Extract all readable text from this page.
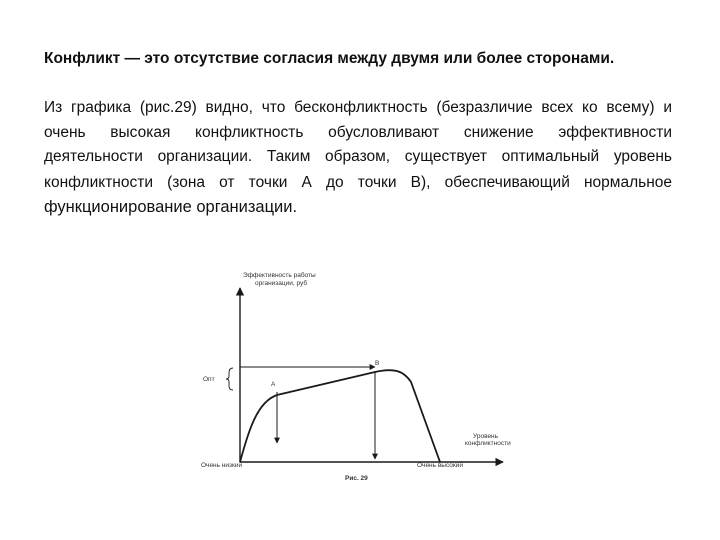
Конфликт — это отсутствие согласия между двумя или более сторонами.
Из графика (рис.29) видно, что бесконфликтность (безразличие всех ко всему) и очень высокая конфликтность обусловливают снижение эффективности деятельности организации. Таким образом, существует оптимальный уровень конфликтности (зона от точки А до точки В), обеспечивающий нормальное функционирование организации.
Эффективность работы
организации, руб
Опт
А
В
Уровень
конфликтности
Очень низкий	Очень высокий
Рис. 29
